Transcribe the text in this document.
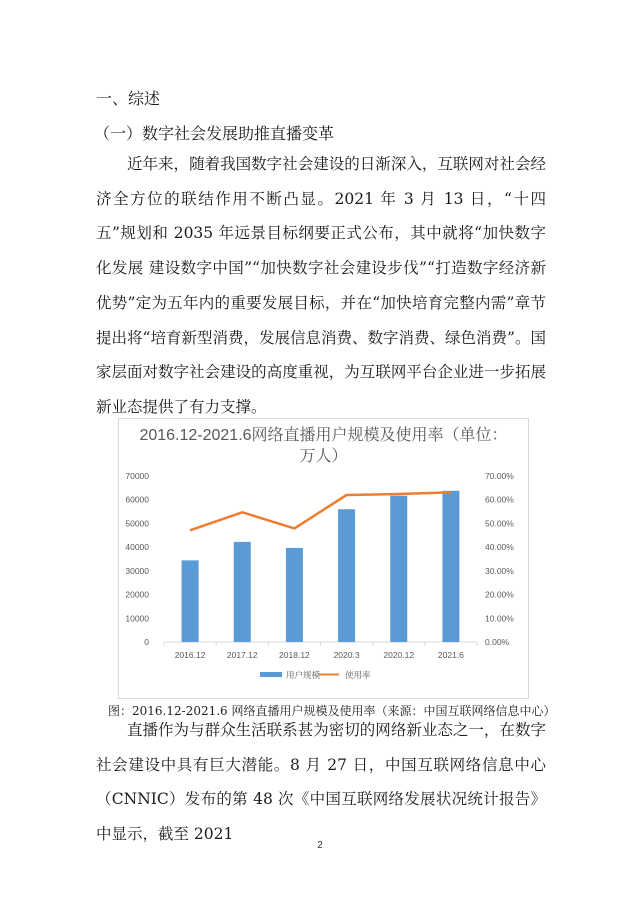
一、综述
（一）数字社会发展助推直播变革

近年来，随着我国数字社会建设的日渐深入，互联网对社会经济全方位的联结作用不断凸显。2021 年 3 月 13 日，“十四五”规划和 2035 年远景目标纲要正式公布，其中就将“加快数字化发展 建设数字中国”“加快数字社会建设步伐”“打造数字经济新优势”定为五年内的重要发展目标，并在“加快培育完整内需”章节提出将“培育新型消费，发展信息消费、数字消费、绿色消费”。国家层面对数字社会建设的高度重视，为互联网平台企业进一步拓展新业态提供了有力支撑。

2016.12-2021.6网络直播用户规模及使用率（单位：
万人）
0
10000
20000
30000
40000
50000
60000
70000
0.00%
10.00%
20.00%
30.00%
40.00%
50.00%
60.00%
70.00%
2016.12	2017.12	2018.12	2020.3	2020.12	2021.6
用户规模	使用率
图：2016.12-2021.6 网络直播用户规模及使用率（来源：中国互联网络信息中心）

直播作为与群众生活联系甚为密切的网络新业态之一，在数字社会建设中具有巨大潜能。8 月 27 日，中国互联网络信息中心（CNNIC）发布的第 48 次《中国互联网络发展状况统计报告》中显示，截至 2021

2
